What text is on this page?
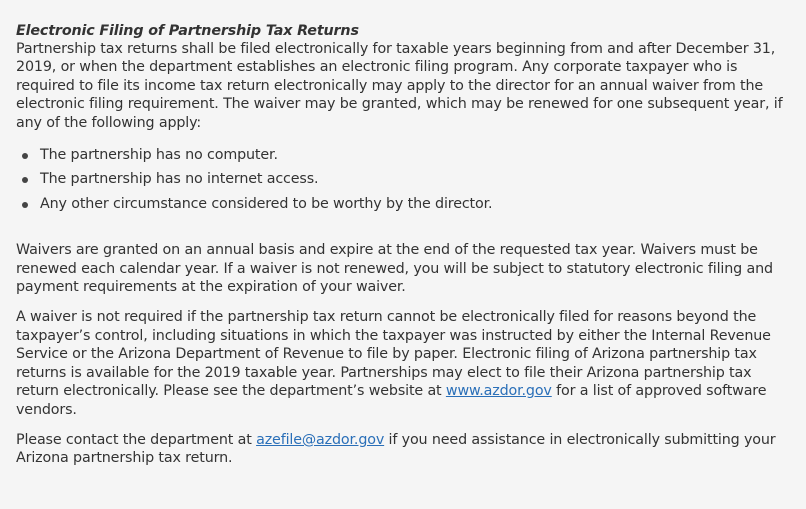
Electronic Filing of Partnership Tax Returns

Partnership tax returns shall be filed electronically for taxable years beginning from and after December 31, 2019, or when the department establishes an electronic filing program. Any corporate taxpayer who is required to file its income tax return electronically may apply to the director for an annual waiver from the electronic filing requirement. The waiver may be granted, which may be renewed for one subsequent year, if any of the following apply:

The partnership has no computer.
The partnership has no internet access.
Any other circumstance considered to be worthy by the director.

Waivers are granted on an annual basis and expire at the end of the requested tax year. Waivers must be renewed each calendar year. If a waiver is not renewed, you will be subject to statutory electronic filing and payment requirements at the expiration of your waiver.

A waiver is not required if the partnership tax return cannot be electronically filed for reasons beyond the taxpayer’s control, including situations in which the taxpayer was instructed by either the Internal Revenue Service or the Arizona Department of Revenue to file by paper. Electronic filing of Arizona partnership tax returns is available for the 2019 taxable year. Partnerships may elect to file their Arizona partnership tax return electronically. Please see the department’s website at www.azdor.gov for a list of approved software vendors.

Please contact the department at azefile@azdor.gov if you need assistance in electronically submitting your Arizona partnership tax return.
